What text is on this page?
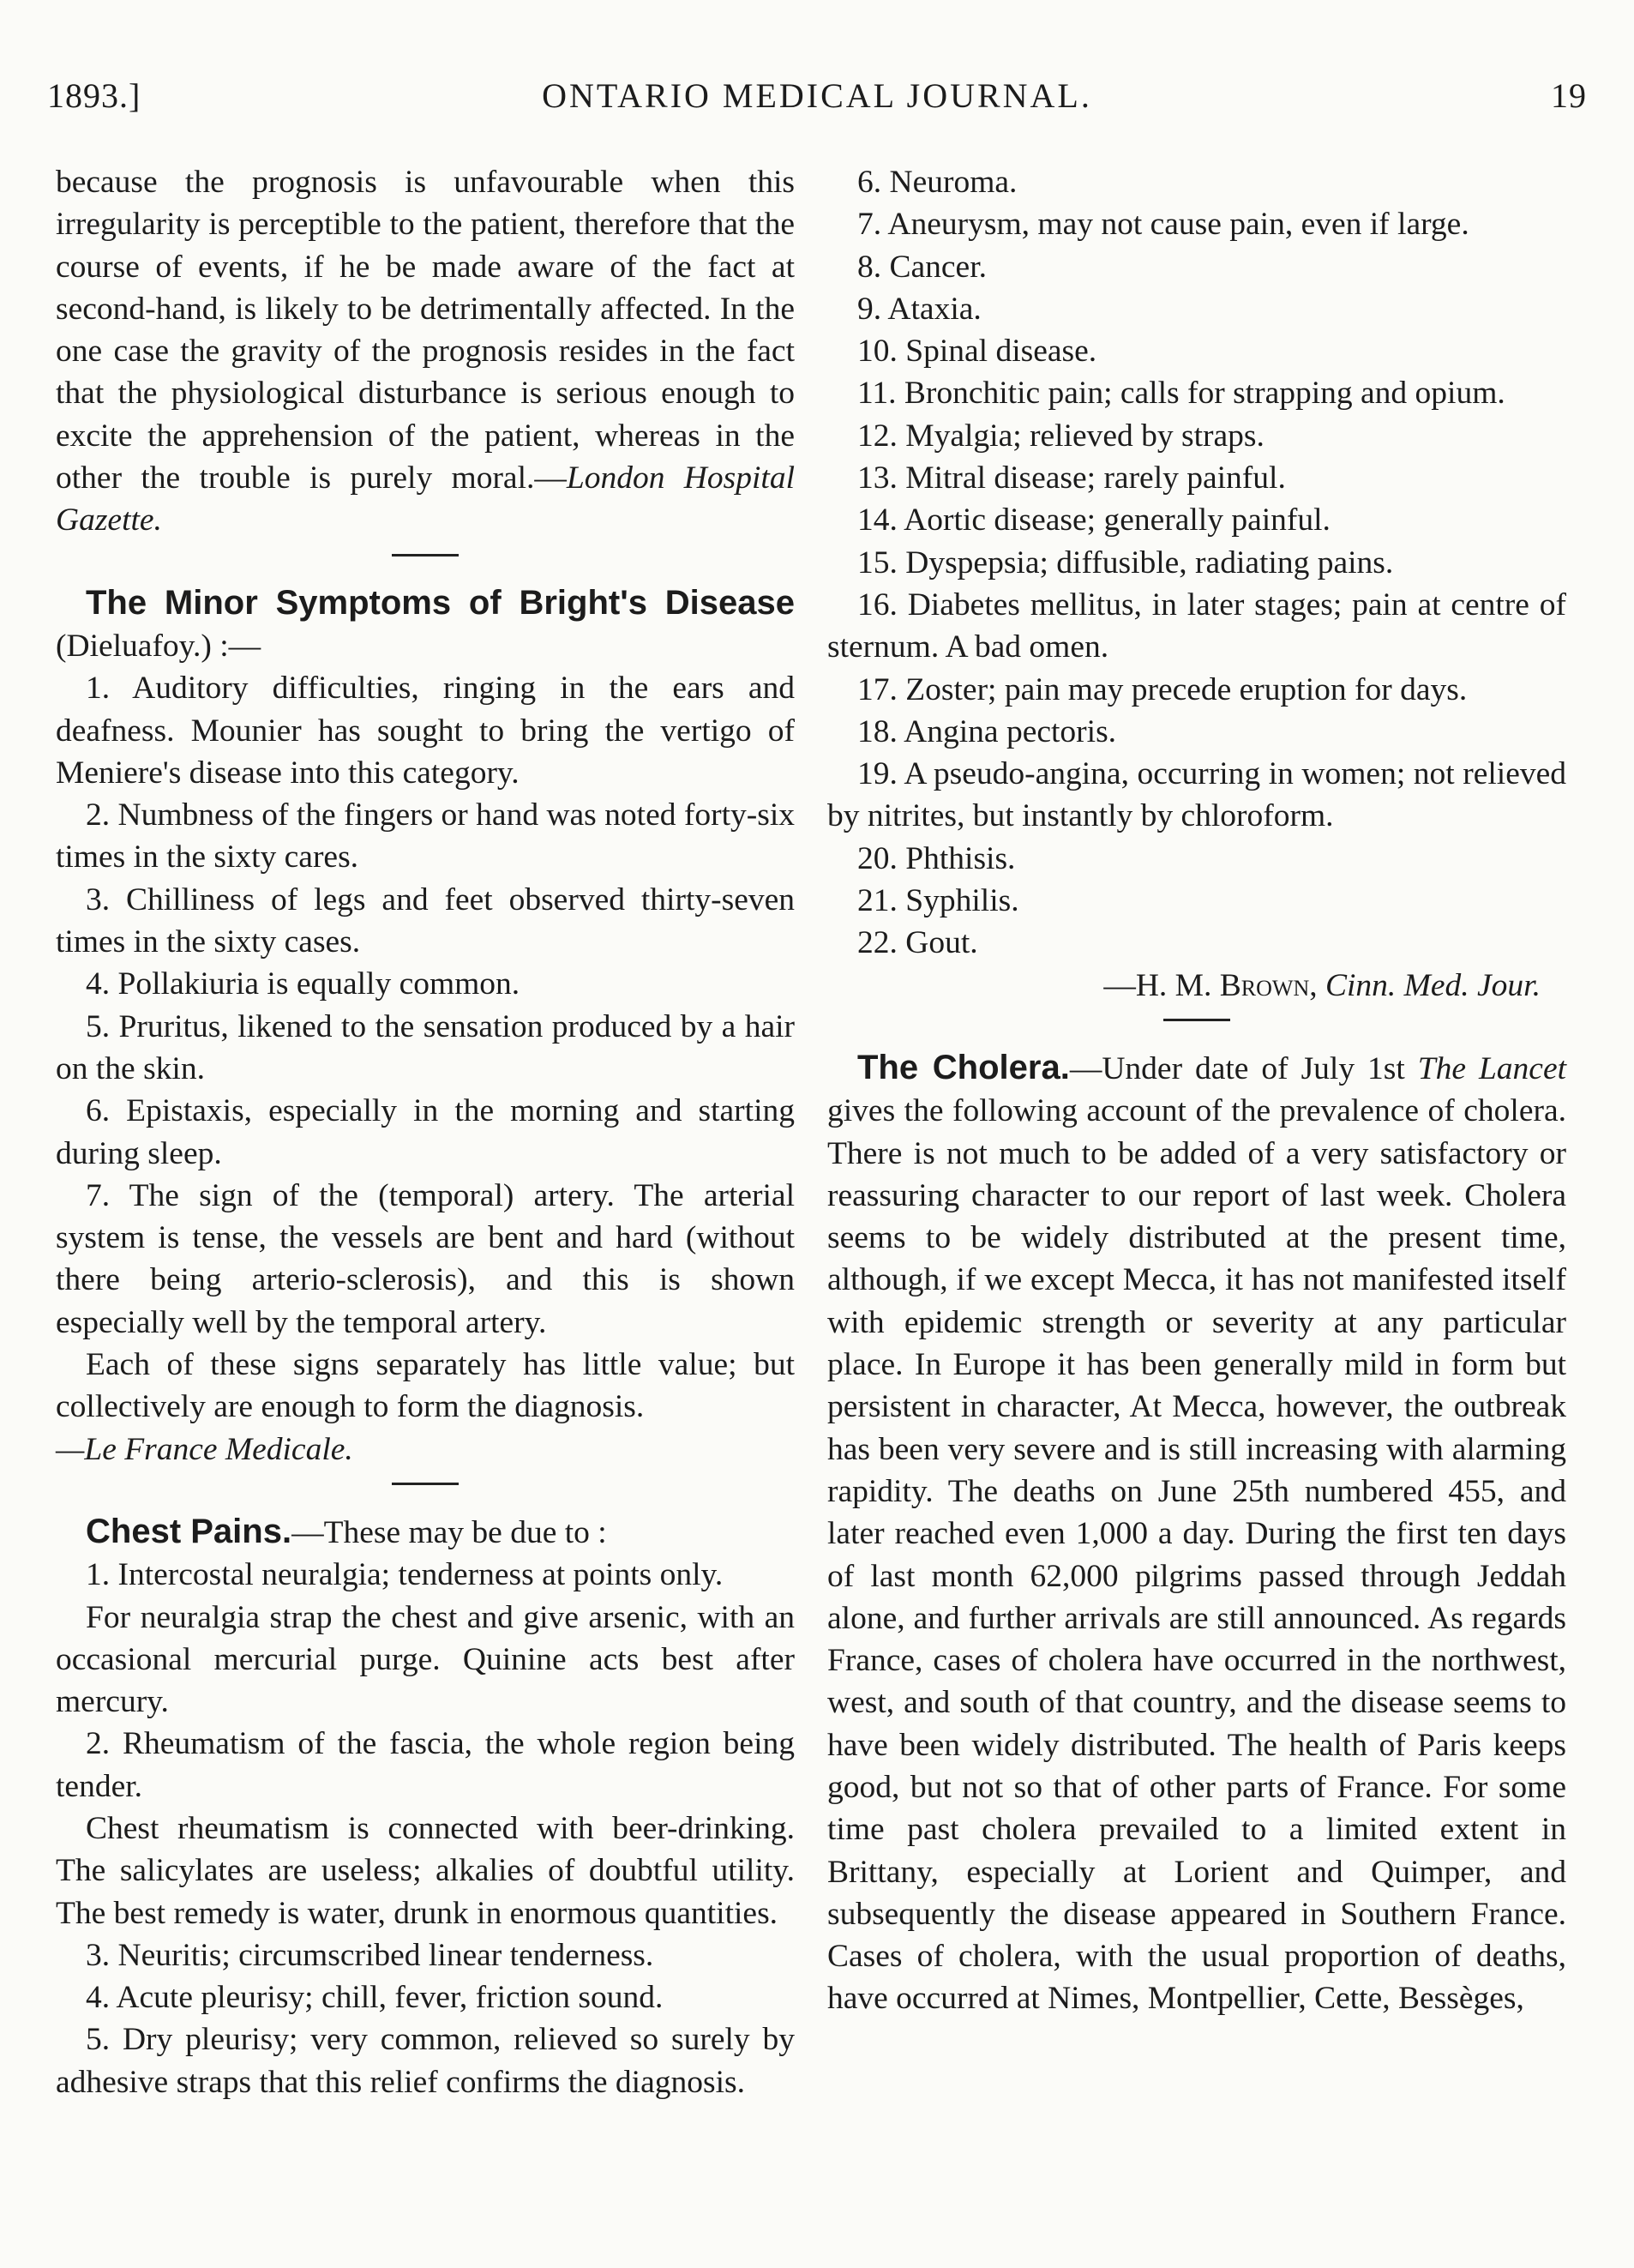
1893.]	ONTARIO MEDICAL JOURNAL.	19

because the prognosis is unfavourable when this irregularity is perceptible to the patient, therefore that the course of events, if he be made aware of the fact at second-hand, is likely to be detrimentally affected. In the one case the gravity of the prognosis resides in the fact that the physiological disturbance is serious enough to excite the apprehension of the patient, whereas in the other the trouble is purely moral.—London Hospital Gazette.

The Minor Symptoms of Bright's Disease (Dieluafoy.) :—

1. Auditory difficulties, ringing in the ears and deafness. Mounier has sought to bring the vertigo of Meniere's disease into this category.

2. Numbness of the fingers or hand was noted forty-six times in the sixty cares.

3. Chilliness of legs and feet observed thirty-seven times in the sixty cases.

4. Pollakiuria is equally common.

5. Pruritus, likened to the sensation produced by a hair on the skin.

6. Epistaxis, especially in the morning and starting during sleep.

7. The sign of the (temporal) artery. The arterial system is tense, the vessels are bent and hard (without there being arterio-sclerosis), and this is shown especially well by the temporal artery.

Each of these signs separately has little value; but collectively are enough to form the diagnosis.

—Le France Medicale.

Chest Pains.—These may be due to :

1. Intercostal neuralgia; tenderness at points only.

For neuralgia strap the chest and give arsenic, with an occasional mercurial purge. Quinine acts best after mercury.

2. Rheumatism of the fascia, the whole region being tender.

Chest rheumatism is connected with beer-drinking. The salicylates are useless; alkalies of doubtful utility. The best remedy is water, drunk in enormous quantities.

3. Neuritis; circumscribed linear tenderness.

4. Acute pleurisy; chill, fever, friction sound.

5. Dry pleurisy; very common, relieved so surely by adhesive straps that this relief confirms the diagnosis.

6. Neuroma.

7. Aneurysm, may not cause pain, even if large.

8. Cancer.

9. Ataxia.

10. Spinal disease.

11. Bronchitic pain; calls for strapping and opium.

12. Myalgia; relieved by straps.

13. Mitral disease; rarely painful.

14. Aortic disease; generally painful.

15. Dyspepsia; diffusible, radiating pains.

16. Diabetes mellitus, in later stages; pain at centre of sternum. A bad omen.

17. Zoster; pain may precede eruption for days.

18. Angina pectoris.

19. A pseudo-angina, occurring in women; not relieved by nitrites, but instantly by chloroform.

20. Phthisis.

21. Syphilis.

22. Gout.

—H. M. Brown, Cinn. Med. Jour.

The Cholera.—Under date of July 1st The Lancet gives the following account of the prevalence of cholera. There is not much to be added of a very satisfactory or reassuring character to our report of last week. Cholera seems to be widely distributed at the present time, although, if we except Mecca, it has not manifested itself with epidemic strength or severity at any particular place. In Europe it has been generally mild in form but persistent in character, At Mecca, however, the outbreak has been very severe and is still increasing with alarming rapidity. The deaths on June 25th numbered 455, and later reached even 1,000 a day. During the first ten days of last month 62,000 pilgrims passed through Jeddah alone, and further arrivals are still announced. As regards France, cases of cholera have occurred in the northwest, west, and south of that country, and the disease seems to have been widely distributed. The health of Paris keeps good, but not so that of other parts of France. For some time past cholera prevailed to a limited extent in Brittany, especially at Lorient and Quimper, and subsequently the disease appeared in Southern France. Cases of cholera, with the usual proportion of deaths, have occurred at Nimes, Montpellier, Cette, Bessèges,
